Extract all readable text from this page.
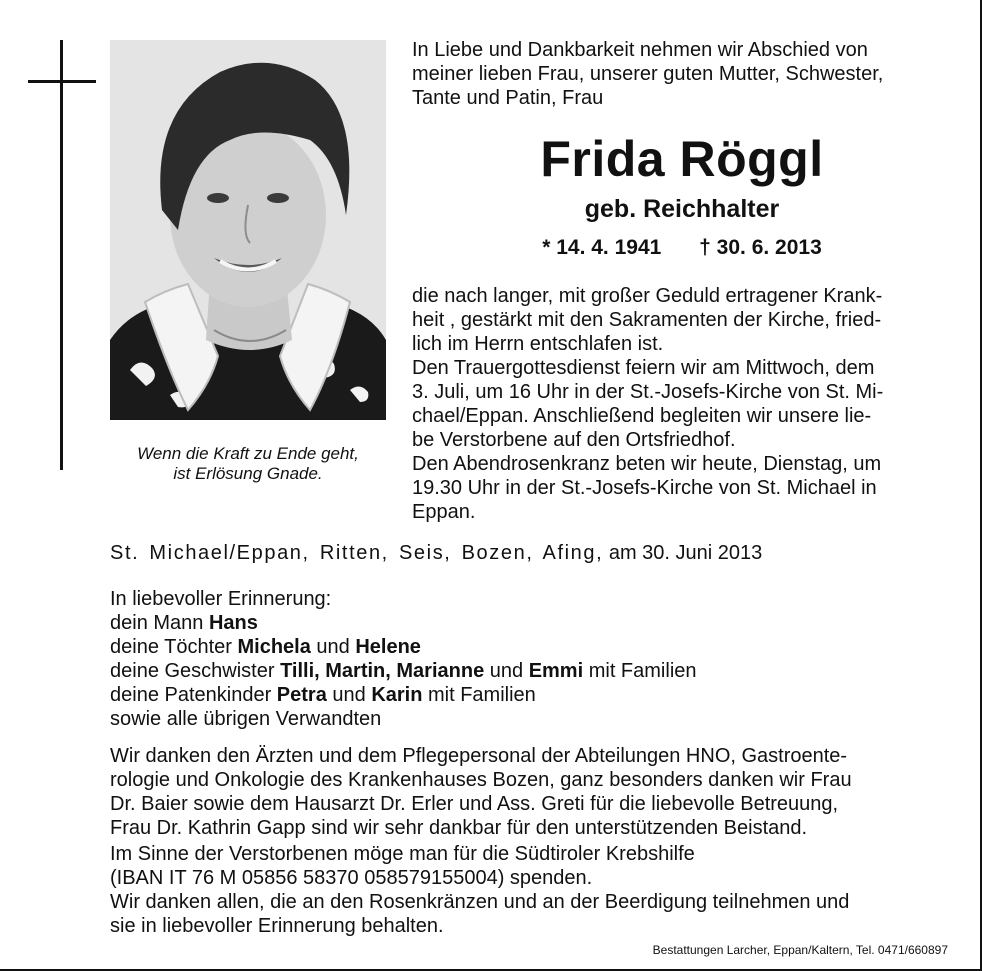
Wenn die Kraft zu Ende geht,
ist Erlösung Gnade.
In Liebe und Dankbarkeit nehmen wir Abschied von
meiner lieben Frau, unserer guten Mutter, Schwester,
Tante und Patin, Frau
Frida Röggl
geb. Reichhalter
* 14. 4. 1941 † 30. 6. 2013
die nach langer, mit großer Geduld ertragener Krank-
heit , gestärkt mit den Sakramenten der Kirche, fried-
lich im Herrn entschlafen ist.
Den Trauergottesdienst feiern wir am Mittwoch, dem
3. Juli, um 16 Uhr in der St.-Josefs-Kirche von St. Mi-
chael/Eppan. Anschließend begleiten wir unsere lie-
be Verstorbene auf den Ortsfriedhof.
Den Abendrosenkranz beten wir heute, Dienstag, um
19.30 Uhr in der St.-Josefs-Kirche von St. Michael in
Eppan.
St. Michael/Eppan, Ritten, Seis, Bozen, Afing, am 30. Juni 2013
In liebevoller Erinnerung:
dein Mann Hans
deine Töchter Michela und Helene
deine Geschwister Tilli, Martin, Marianne und Emmi mit Familien
deine Patenkinder Petra und Karin mit Familien
sowie alle übrigen Verwandten
Wir danken den Ärzten und dem Pflegepersonal der Abteilungen HNO, Gastroente-
rologie und Onkologie des Krankenhauses Bozen, ganz besonders danken wir Frau
Dr. Baier sowie dem Hausarzt Dr. Erler und Ass. Greti für die liebevolle Betreuung,
Frau Dr. Kathrin Gapp sind wir sehr dankbar für den unterstützenden Beistand.
Im Sinne der Verstorbenen möge man für die Südtiroler Krebshilfe
(IBAN IT 76 M 05856 58370 058579155004) spenden.
Wir danken allen, die an den Rosenkränzen und an der Beerdigung teilnehmen und
sie in liebevoller Erinnerung behalten.
Bestattungen Larcher, Eppan/Kaltern, Tel. 0471/660897
